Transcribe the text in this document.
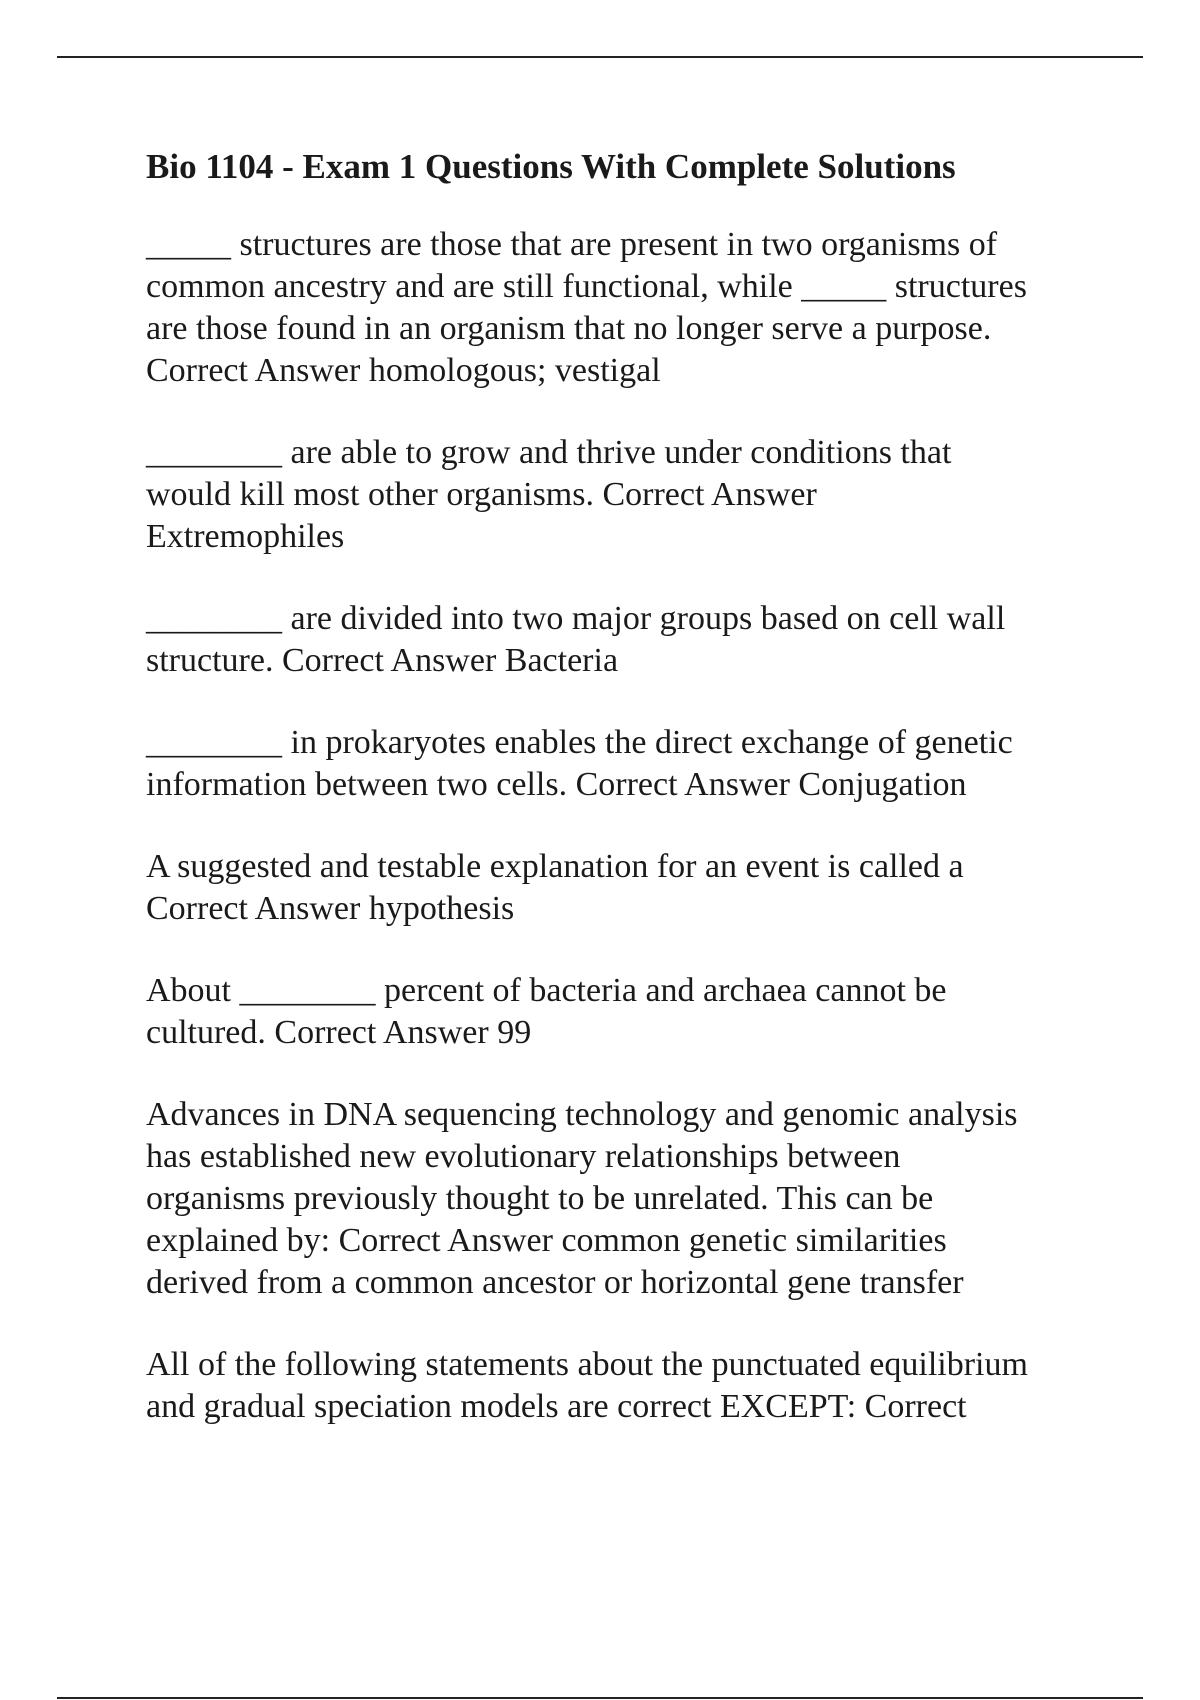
Bio 1104 - Exam 1 Questions With Complete Solutions

_____ structures are those that are present in two organisms of
common ancestry and are still functional, while _____ structures
are those found in an organism that no longer serve a purpose.
Correct Answer homologous; vestigal

________ are able to grow and thrive under conditions that
would kill most other organisms. Correct Answer
Extremophiles

________ are divided into two major groups based on cell wall
structure. Correct Answer Bacteria

________ in prokaryotes enables the direct exchange of genetic
information between two cells. Correct Answer Conjugation

A suggested and testable explanation for an event is called a
Correct Answer hypothesis

About ________ percent of bacteria and archaea cannot be
cultured. Correct Answer 99

Advances in DNA sequencing technology and genomic analysis
has established new evolutionary relationships between
organisms previously thought to be unrelated. This can be
explained by: Correct Answer common genetic similarities
derived from a common ancestor or horizontal gene transfer

All of the following statements about the punctuated equilibrium
and gradual speciation models are correct EXCEPT: Correct
